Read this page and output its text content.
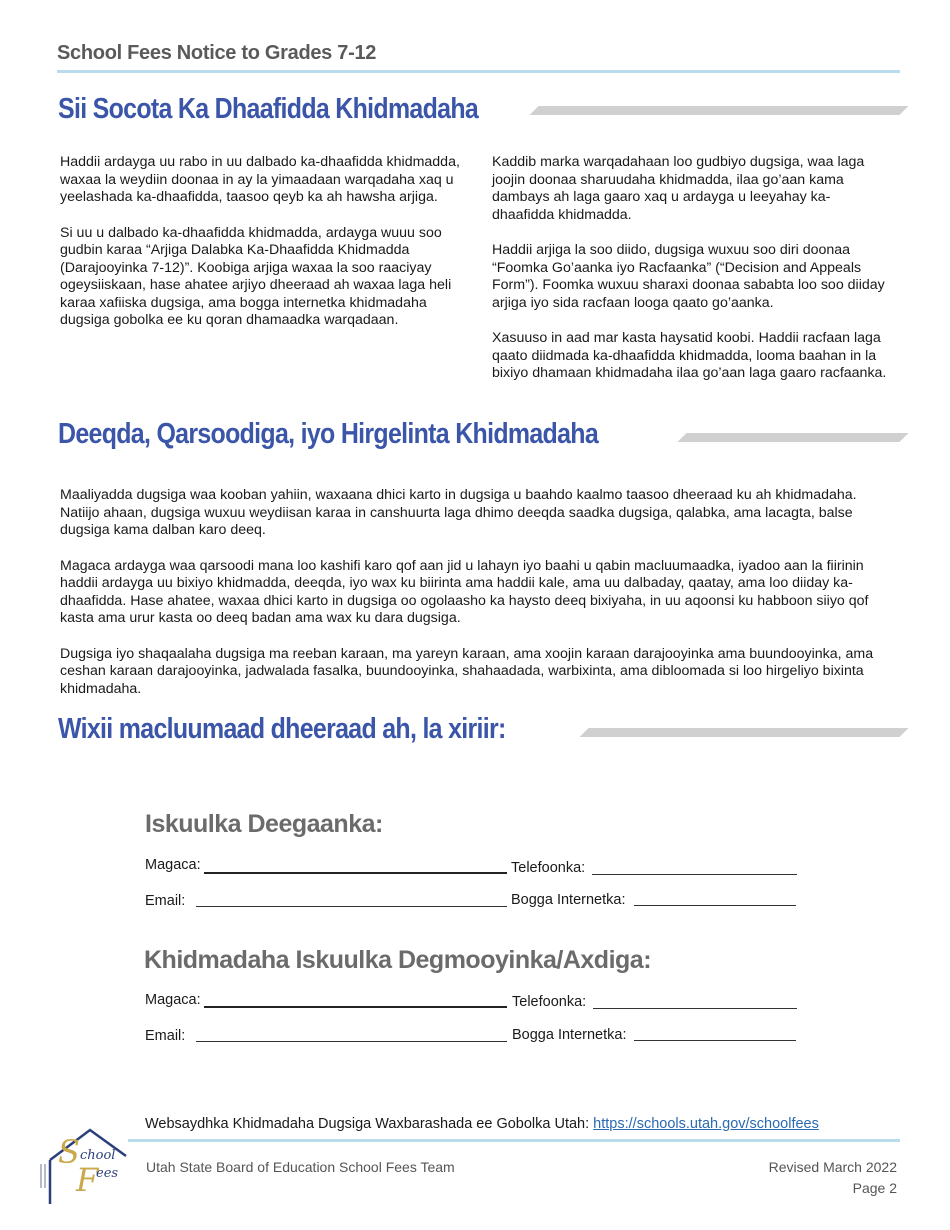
School Fees Notice to Grades 7-12
Sii Socota Ka Dhaafidda Khidmadaha

Haddii ardayga uu rabo in uu dalbado ka-dhaafidda khidmadda, waxaa la weydiin doonaa in ay la yimaadaan warqadaha xaq u yeelashada ka-dhaafidda, taasoo qeyb ka ah hawsha arjiga.

Si uu u dalbado ka-dhaafidda khidmadda, ardayga wuuu soo gudbin karaa “Arjiga Dalabka Ka-Dhaafidda Khidmadda (Darajooyinka 7-12)”. Koobiga arjiga waxaa la soo raaciyay ogeysiiskaan, hase ahatee arjiyo dheeraad ah waxaa laga heli karaa xafiiska dugsiga, ama bogga internetka khidmadaha dugsiga gobolka ee ku qoran dhamaadka warqadaan.

Kaddib marka warqadahaan loo gudbiyo dugsiga, waa laga joojin doonaa sharuudaha khidmadda, ilaa go’aan kama dambays ah laga gaaro xaq u ardayga u leeyahay ka-dhaafidda khidmadda.

Haddii arjiga la soo diido, dugsiga wuxuu soo diri doonaa “Foomka Go’aanka iyo Racfaanka” (“Decision and Appeals Form”). Foomka wuxuu sharaxi doonaa sababta loo soo diiday arjiga iyo sida racfaan looga qaato go’aanka.

Xasuuso in aad mar kasta haysatid koobi. Haddii racfaan laga qaato diidmada ka-dhaafidda khidmadda, looma baahan in la bixiyo dhamaan khidmadaha ilaa go’aan laga gaaro racfaanka.

Deeqda, Qarsoodiga, iyo Hirgelinta Khidmadaha

Maaliyadda dugsiga waa kooban yahiin, waxaana dhici karto in dugsiga u baahdo kaalmo taasoo dheeraad ku ah khidmadaha. Natiijo ahaan, dugsiga wuxuu weydiisan karaa in canshuurta laga dhimo deeqda saadka dugsiga, qalabka, ama lacagta, balse dugsiga kama dalban karo deeq.

Magaca ardayga waa qarsoodi mana loo kashifi karo qof aan jid u lahayn iyo baahi u qabin macluumaadka, iyadoo aan la fiirinin haddii ardayga uu bixiyo khidmadda, deeqda, iyo wax ku biirinta ama haddii kale, ama uu dalbaday, qaatay, ama loo diiday ka-dhaafidda. Hase ahatee, waxaa dhici karto in dugsiga oo ogolaasho ka haysto deeq bixiyaha, in uu aqoonsi ku habboon siiyo qof kasta ama urur kasta oo deeq badan ama wax ku dara dugsiga.

Dugsiga iyo shaqaalaha dugsiga ma reeban karaan, ma yareyn karaan, ama xoojin karaan darajooyinka ama buundooyinka, ama ceshan karaan darajooyinka, jadwalada fasalka, buundooyinka, shahaadada, warbixinta, ama dibloomada si loo hirgeliyo bixinta khidmadaha.

Wixii macluumaad dheeraad ah, la xiriir:
Iskuulka Deegaanka:
Magaca:	Telefoonka:
Email:	Bogga Internetka:
Khidmadaha Iskuulka Degmooyinka/Axdiga:
Magaca:	Telefoonka:
Email:	Bogga Internetka:
Websaydhka Khidmadaha Dugsiga Waxbarashada ee Gobolka Utah: https://schools.utah.gov/schoolfees
S chool
F
ees Utah State Board of Education School Fees Team	Revised March 2022
Page 2
